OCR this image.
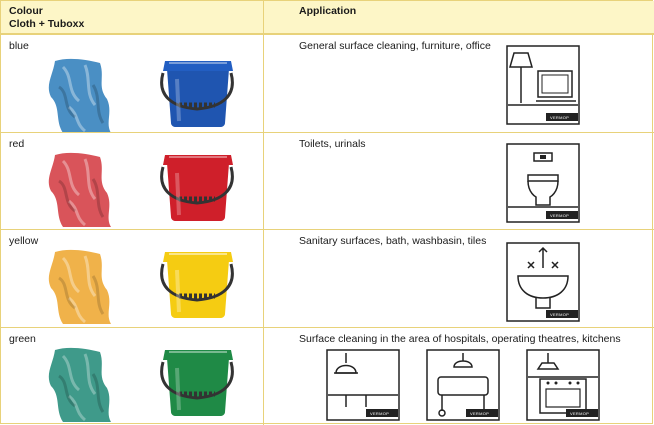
Colour
Cloth + Tuboxx
Application
blue	General surface cleaning, furniture, office
VERMOP
red	Toilets, urinals
VERMOP
yellow	Sanitary surfaces, bath, washbasin, tiles
VERMOP
green	Surface cleaning in the area of hospitals, operating theatres, kitchens
VERMOP	VERMOP	VERMOP
